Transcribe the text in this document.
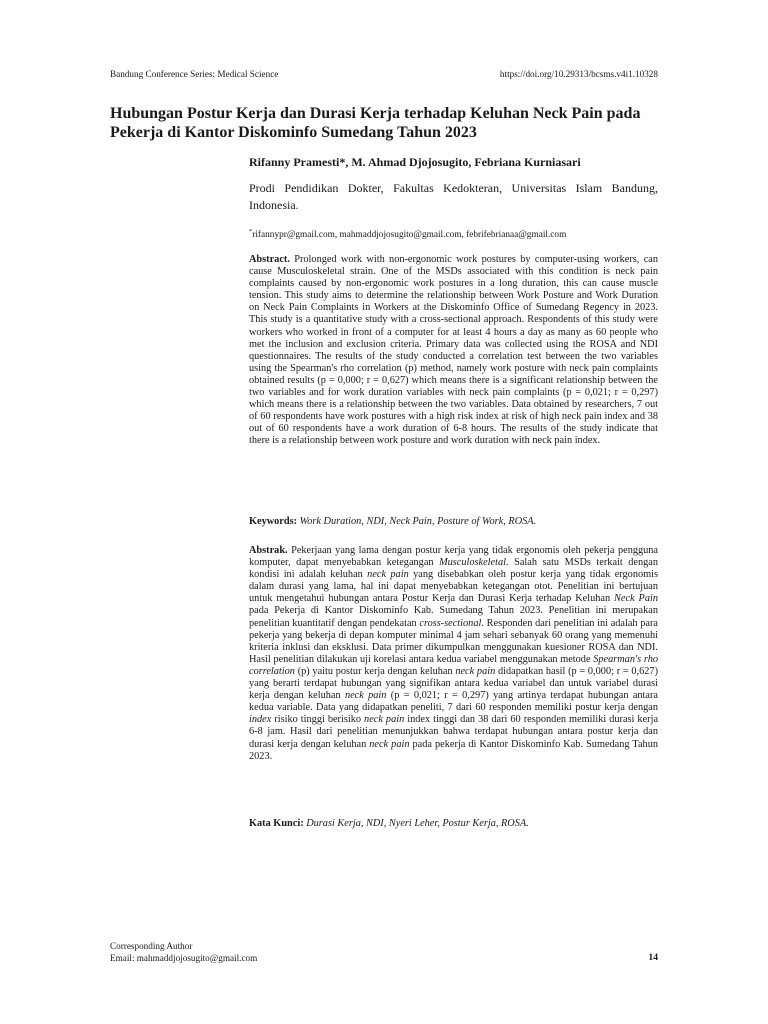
Bandung Conference Series: Medical Science	https://doi.org/10.29313/bcsms.v4i1.10328
Hubungan Postur Kerja dan Durasi Kerja terhadap Keluhan Neck Pain pada Pekerja di Kantor Diskominfo Sumedang Tahun 2023
Rifanny Pramesti*, M. Ahmad Djojosugito, Febriana Kurniasari
Prodi Pendidikan Dokter, Fakultas Kedokteran, Universitas Islam Bandung, Indonesia.
*rifannypr@gmail.com, mahmaddjojosugito@gmail.com, febrifebrianaa@gmail.com
Abstract. Prolonged work with non-ergonomic work postures by computer-using workers, can cause Musculoskeletal strain. One of the MSDs associated with this condition is neck pain complaints caused by non-ergonomic work postures in a long duration, this can cause muscle tension. This study aims to determine the relationship between Work Posture and Work Duration on Neck Pain Complaints in Workers at the Diskominfo Office of Sumedang Regency in 2023. This study is a quantitative study with a cross-sectional approach. Respondents of this study were workers who worked in front of a computer for at least 4 hours a day as many as 60 people who met the inclusion and exclusion criteria. Primary data was collected using the ROSA and NDI questionnaires. The results of the study conducted a correlation test between the two variables using the Spearman's rho correlation (p) method, namely work posture with neck pain complaints obtained results (p = 0,000; r = 0,627) which means there is a significant relationship between the two variables and for work duration variables with neck pain complaints (p = 0,021; r = 0,297) which means there is a relationship between the two variables. Data obtained by researchers, 7 out of 60 respondents have work postures with a high risk index at risk of high neck pain index and 38 out of 60 respondents have a work duration of 6-8 hours. The results of the study indicate that there is a relationship between work posture and work duration with neck pain index.
Keywords: Work Duration, NDI, Neck Pain, Posture of Work, ROSA.
Abstrak. Pekerjaan yang lama dengan postur kerja yang tidak ergonomis oleh pekerja pengguna komputer, dapat menyebabkan ketegangan Musculoskeletal. Salah satu MSDs terkait dengan kondisi ini adalah keluhan neck pain yang disebabkan oleh postur kerja yang tidak ergonomis dalam durasi yang lama, hal ini dapat menyebabkan ketegangan otot. Penelitian ini bertujuan untuk mengetahui hubungan antara Postur Kerja dan Durasi Kerja terhadap Keluhan Neck Pain pada Pekerja di Kantor Diskominfo Kab. Sumedang Tahun 2023. Penelitian ini merupakan penelitian kuantitatif dengan pendekatan cross-sectional. Responden dari penelitian ini adalah para pekerja yang bekerja di depan komputer minimal 4 jam sehari sebanyak 60 orang yang memenuhi kriteria inklusi dan eksklusi. Data primer dikumpulkan menggunakan kuesioner ROSA dan NDI. Hasil penelitian dilakukan uji korelasi antara kedua variabel menggunakan metode Spearman's rho correlation (p) yaitu postur kerja dengan keluhan neck pain didapatkan hasil (p = 0,000; r = 0,627) yang berarti terdapat hubungan yang signifikan antara kedua variabel dan untuk variabel durasi kerja dengan keluhan neck pain (p = 0,021; r = 0,297) yang artinya terdapat hubungan antara kedua variable. Data yang didapatkan peneliti, 7 dari 60 responden memiliki postur kerja dengan index risiko tinggi berisiko neck pain index tinggi dan 38 dari 60 responden memiliki durasi kerja 6-8 jam. Hasil dari penelitian menunjukkan bahwa terdapat hubungan antara postur kerja dan durasi kerja dengan keluhan neck pain pada pekerja di Kantor Diskominfo Kab. Sumedang Tahun 2023.
Kata Kunci: Durasi Kerja, NDI, Nyeri Leher, Postur Kerja, ROSA.
Corresponding Author
Email: mahmaddjojosugito@gmail.com	14
